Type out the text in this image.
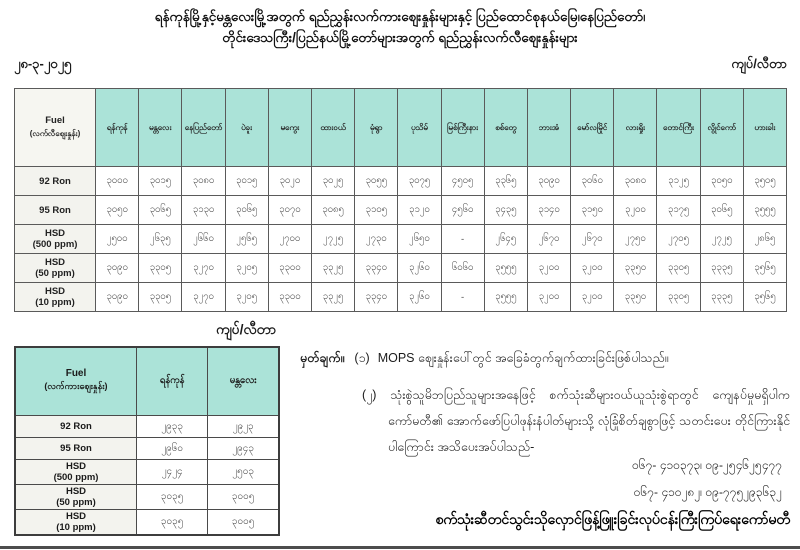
ရန်ကုန်မြို့နှင့်မန္တလေးမြို့အတွက် ရည်ညွှန်းလက်ကားဈေးနှုန်းများနှင့် ပြည်ထောင်စုနယ်မြေ၊နေပြည်တော်၊
တိုင်းဒေသကြီး/ပြည်နယ်မြို့တော်များအတွက် ရည်ညွှန်းလက်လီဈေးနှုန်းများ
၂၈-၃-၂၀၂၅	ကျပ်/လီတာ
Fuel
(လက်လီဈေးနှုန်း)	ရန်ကုန်	မန္တလေး	နေပြည်တော်	ပဲခူး	မကွေး	ထားဝယ်	မုံရွာ	ပုသိမ်	မြစ်ကြီးနား	စစ်တွေ	ဘားအံ	မော်လမြိုင်	လားရှိုး	တောင်ကြီး	လွိုင်ကော်	ဟားခါး

92 Ron	၃၀၀၀	၃၀၁၅	၃၀၈၀	၃၀၁၅	၃၀၂၀	၃၀၂၅	၃၀၅၅	၃၀၇၅	၄၅၀၅	၃၃၆၅	၃၀၉၀	၃၀၆၀	၃၀၈၀	၃၁၂၅	၃၀၅၀	၃၅၀၅

95 Ron	၃၀၅၀	၃၀၆၅	၃၁၃၀	၃၀၆၅	၃၀၇၀	၃၀၈၅	၃၁၀၅	၃၁၂၀	၄၅၆၀	၃၄၃၅	၃၁၄၀	၃၁၅၀	၃၂၀၀	၃၁၇၅	၃၀၆၅	၃၅၅၅

HSD
(500 ppm)	၂၅၀၀	၂၆၃၅	၂၆၆၀	၂၅၆၅	၂၇၀၀	၂၇၂၅	၂၇၃၀	၂၆၅၀	-	၂၆၄၅	၂၆၇၀	၂၆၇၀	၂၇၅၀	၂၇၀၅	၂၇၂၅	၂၈၆၅

HSD
(50 ppm)	၃၀၉၀	၃၃၀၅	၃၂၇၀	၃၂၀၅	၃၃၀၀	၃၃၂၅	၃၃၄၀	၃၂၆၀	၆၀၆၀	၃၅၅၅	၃၂၀၀	၃၂၀၀	၃၃၅၀	၃၃၀၅	၃၃၃၅	၃၅၆၅

HSD
(10 ppm)	၃၀၉၀	၃၃၀၅	၃၂၇၀	၃၂၀၅	၃၃၀၀	၃၃၂၅	၃၃၄၀	၃၂၆၀	-	၃၅၅၅	၃၂၀၀	၃၂၀၀	၃၃၅၀	၃၃၀၅	၃၃၃၅	၃၅၆၅
ကျပ်/လီတာ
Fuel
(လက်ကားဈေးနှုန်း)	ရန်ကုန်	မန္တလေး

92 Ron	၂၉၃၃	၂၉၂၃

95 Ron	၂၉၆၀	၂၉၄၃

HSD
(500 ppm)	၂၄၂၄	၂၅၀၃

HSD
(50 ppm)	၃၀၃၅	၃၀၀၅

HSD
(10 ppm)	၃၀၃၅	၃၀၀၅
မှတ်ချက်။ (၁) MOPS ဈေးနှုန်းပေါ်တွင် အခြေခံတွက်ချက်ထားခြင်းဖြစ်ပါသည်။
(၂) သုံးစွဲသူမိဘပြည်သူများအနေဖြင့် စက်သုံးဆီများဝယ်ယူသုံးစွဲရာတွင် ကျေနပ်မှုမရှိပါက ကော်မတီ၏ အောက်ဖော်ပြပါဖုန်းနံပါတ်များသို့ လုံခြုံစိတ်ချစွာဖြင့် သတင်းပေး တိုင်ကြားနိုင်ပါကြောင်း အသိပေးအပ်ပါသည်-
ဝ၆၇- ၄၁၀၃၇၃၊ ဝ၉-၂၅၄၆၂၅၄၇၇
ဝ၆၇- ၄၁၀၂၈၂၊ ဝ၉-၇၇၅၂၉၃၆၃၂
စက်သုံးဆီတင်သွင်းသိုလှောင်ဖြန့်ဖြူးခြင်းလုပ်ငန်းကြီးကြပ်ရေးကော်မတီ
